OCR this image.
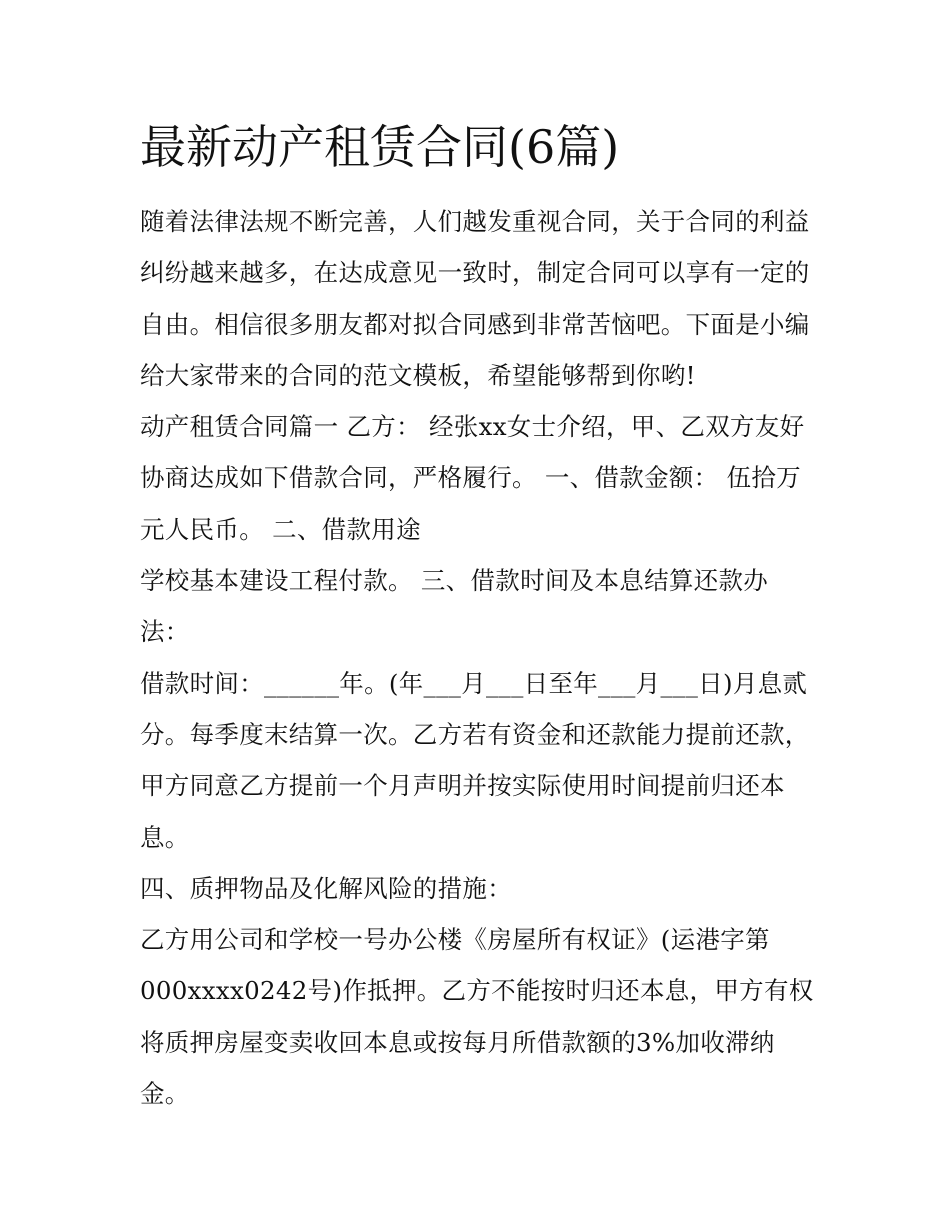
最新动产租赁合同(6篇)
随着法律法规不断完善，人们越发重视合同，关于合同的利益
纠纷越来越多，在达成意见一致时，制定合同可以享有一定的
自由。相信很多朋友都对拟合同感到非常苦恼吧。下面是小编
给大家带来的合同的范文模板，希望能够帮到你哟!
动产租赁合同篇一 乙方： 经张xx女士介绍，甲、乙双方友好
协商达成如下借款合同，严格履行。 一、借款金额： 伍拾万
元人民币。 二、借款用途
学校基本建设工程付款。 三、借款时间及本息结算还款办
法：
借款时间：______年。(年___月___日至年___月___日)月息贰
分。每季度末结算一次。乙方若有资金和还款能力提前还款，
甲方同意乙方提前一个月声明并按实际使用时间提前归还本
息。
四、质押物品及化解风险的措施：
乙方用公司和学校一号办公楼《房屋所有权证》(运港字第
000xxxx0242号)作抵押。乙方不能按时归还本息，甲方有权
将质押房屋变卖收回本息或按每月所借款额的3%加收滞纳
金。
